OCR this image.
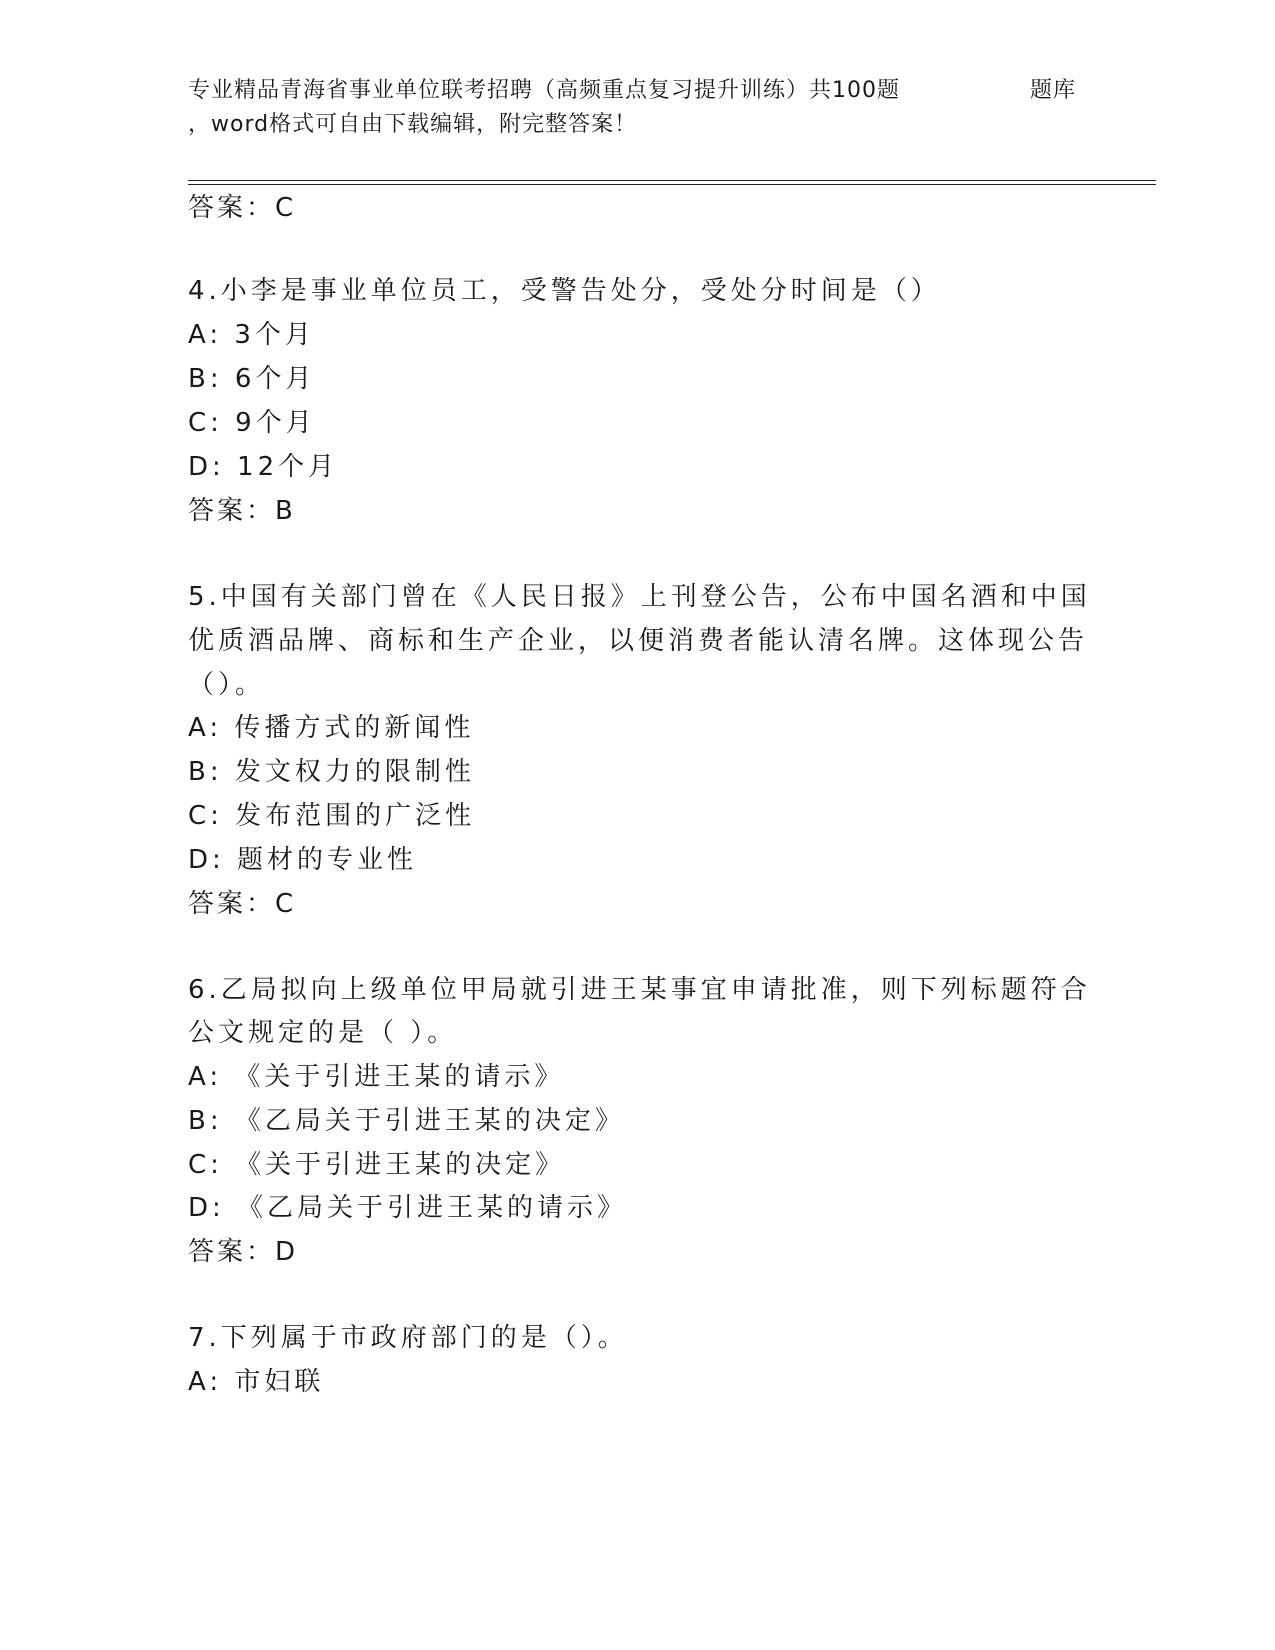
专业精品青海省事业单位联考招聘（高频重点复习提升训练）共100题	题库
，word格式可自由下载编辑，附完整答案！
答案：C
4.小李是事业单位员工，受警告处分，受处分时间是（）
A: 3个月
B: 6个月
C: 9个月
D: 12个月
答案：B
5.中国有关部门曾在《人民日报》上刊登公告，公布中国名酒和中国
优质酒品牌、商标和生产企业，以便消费者能认清名牌。这体现公告
（）。
A: 传播方式的新闻性
B: 发文权力的限制性
C: 发布范围的广泛性
D: 题材的专业性
答案：C
6.乙局拟向上级单位甲局就引进王某事宜申请批准，则下列标题符合
公文规定的是（ ）。
A: 《关于引进王某的请示》
B: 《乙局关于引进王某的决定》
C: 《关于引进王某的决定》
D: 《乙局关于引进王某的请示》
答案：D
7.下列属于市政府部门的是（）。
A: 市妇联
